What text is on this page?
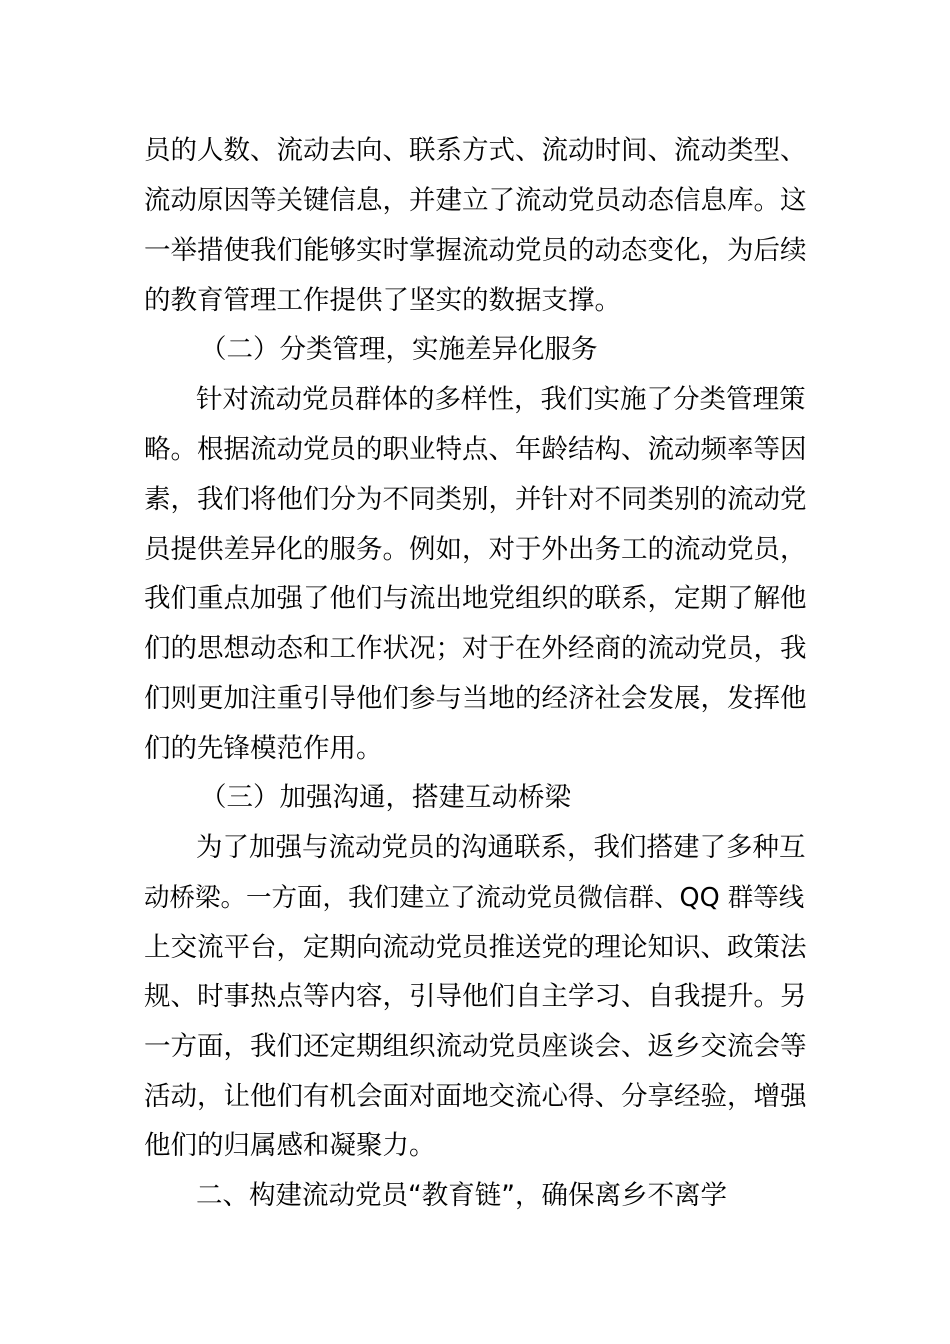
员的人数、流动去向、联系方式、流动时间、流动类型、
流动原因等关键信息，并建立了流动党员动态信息库。这
一举措使我们能够实时掌握流动党员的动态变化，为后续
的教育管理工作提供了坚实的数据支撑。
（二）分类管理，实施差异化服务
针对流动党员群体的多样性，我们实施了分类管理策
略。根据流动党员的职业特点、年龄结构、流动频率等因
素，我们将他们分为不同类别，并针对不同类别的流动党
员提供差异化的服务。例如，对于外出务工的流动党员，
我们重点加强了他们与流出地党组织的联系，定期了解他
们的思想动态和工作状况；对于在外经商的流动党员，我
们则更加注重引导他们参与当地的经济社会发展，发挥他
们的先锋模范作用。
（三）加强沟通，搭建互动桥梁
为了加强与流动党员的沟通联系，我们搭建了多种互
动桥梁。一方面，我们建立了流动党员微信群、QQ 群等线
上交流平台，定期向流动党员推送党的理论知识、政策法
规、时事热点等内容，引导他们自主学习、自我提升。另
一方面，我们还定期组织流动党员座谈会、返乡交流会等
活动，让他们有机会面对面地交流心得、分享经验，增强
他们的归属感和凝聚力。
二、构建流动党员“教育链”，确保离乡不离学
